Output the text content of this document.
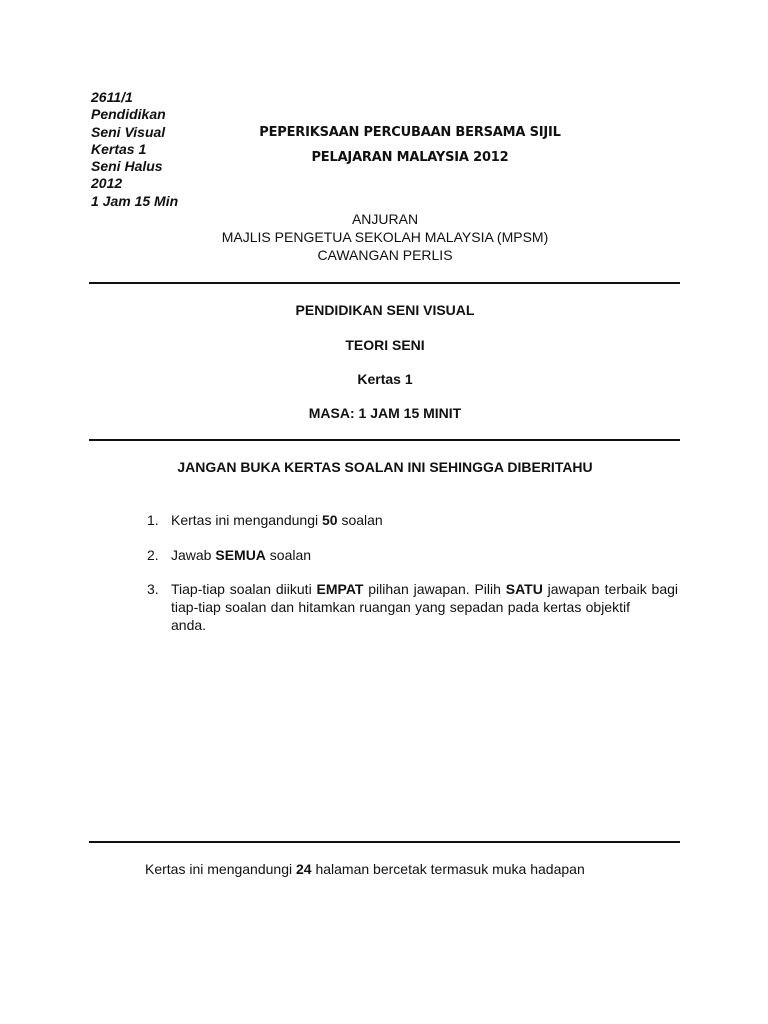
2611/1
Pendidikan
Seni Visual
Kertas 1
Seni Halus
2012
1 Jam 15 Min
PEPERIKSAAN PERCUBAAN BERSAMA SIJIL
PELAJARAN MALAYSIA 2012
ANJURAN
MAJLIS PENGETUA SEKOLAH MALAYSIA (MPSM)
CAWANGAN PERLIS
PENDIDIKAN SENI VISUAL
TEORI SENI
Kertas 1
MASA: 1 JAM 15 MINIT
JANGAN BUKA KERTAS SOALAN INI SEHINGGA DIBERITAHU
1. Kertas ini mengandungi 50 soalan
2. Jawab SEMUA soalan
3. Tiap-tiap soalan diikuti EMPAT pilihan jawapan. Pilih SATU jawapan terbaik bagi tiap-tiap soalan dan hitamkan ruangan yang sepadan pada kertas objektifanda.
Kertas ini mengandungi 24 halaman bercetak termasuk muka hadapan
